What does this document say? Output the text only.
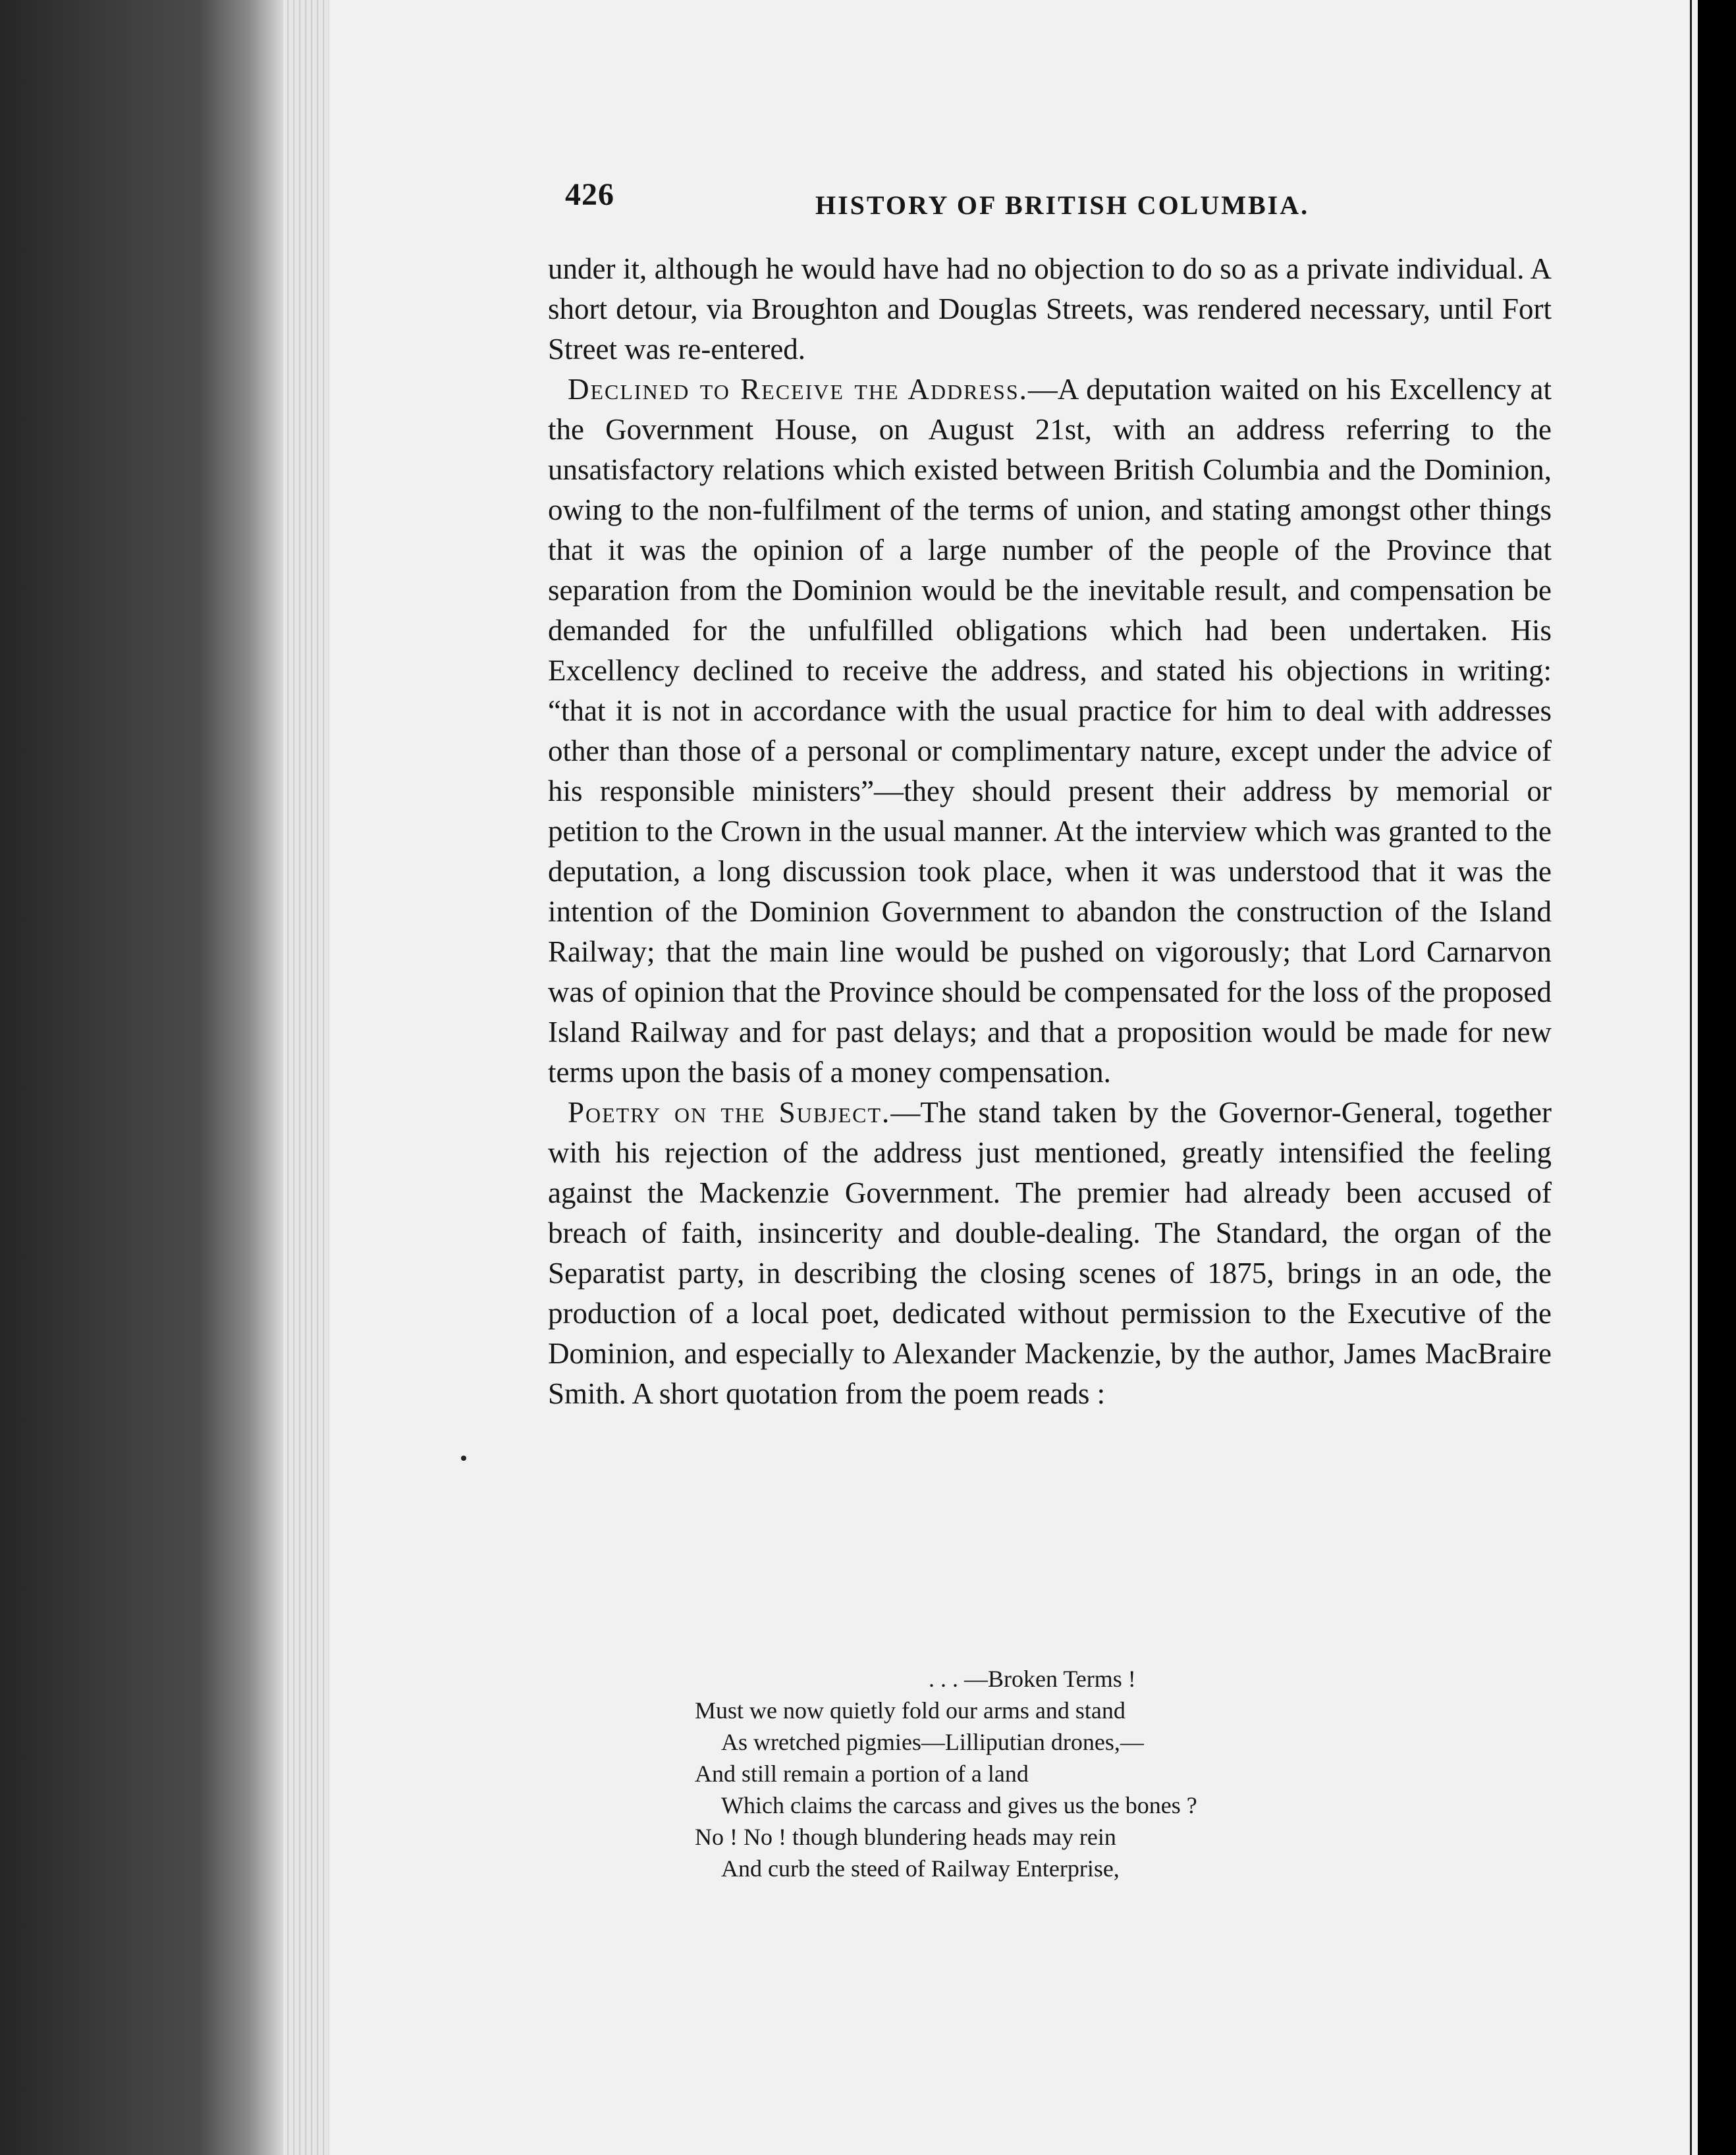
426	HISTORY OF BRITISH COLUMBIA.

under it, although he would have had no objection to do so as a private individual. A short detour, via Broughton and Douglas Streets, was rendered necessary, until Fort Street was re-entered.

Declined to Receive the Address.—A deputation waited on his Excellency at the Government House, on August 21st, with an address referring to the unsatisfactory relations which existed between British Columbia and the Dominion, owing to the non-fulfilment of the terms of union, and stating amongst other things that it was the opinion of a large number of the people of the Province that separation from the Dominion would be the inevitable result, and compensation be demanded for the unfulfilled obligations which had been undertaken. His Excellency declined to receive the address, and stated his objections in writing: “that it is not in accordance with the usual practice for him to deal with addresses other than those of a personal or complimentary nature, except under the advice of his responsible ministers”—they should present their address by memorial or petition to the Crown in the usual manner. At the interview which was granted to the deputation, a long discussion took place, when it was understood that it was the intention of the Dominion Government to abandon the construction of the Island Railway; that the main line would be pushed on vigorously; that Lord Carnarvon was of opinion that the Province should be compensated for the loss of the proposed Island Railway and for past delays; and that a proposition would be made for new terms upon the basis of a money compensation.

Poetry on the Subject.—The stand taken by the Governor-General, together with his rejection of the address just mentioned, greatly intensified the feeling against the Mackenzie Government. The premier had already been accused of breach of faith, insincerity and double-dealing. The Standard, the organ of the Separatist party, in describing the closing scenes of 1875, brings in an ode, the production of a local poet, dedicated without permission to the Executive of the Dominion, and especially to Alexander Mackenzie, by the author, James MacBraire Smith. A short quotation from the poem reads :

. . . —Broken Terms !
Must we now quietly fold our arms and stand
As wretched pigmies—Lilliputian drones,—
And still remain a portion of a land
Which claims the carcass and gives us the bones ?
No ! No ! though blundering heads may rein
And curb the steed of Railway Enterprise,
